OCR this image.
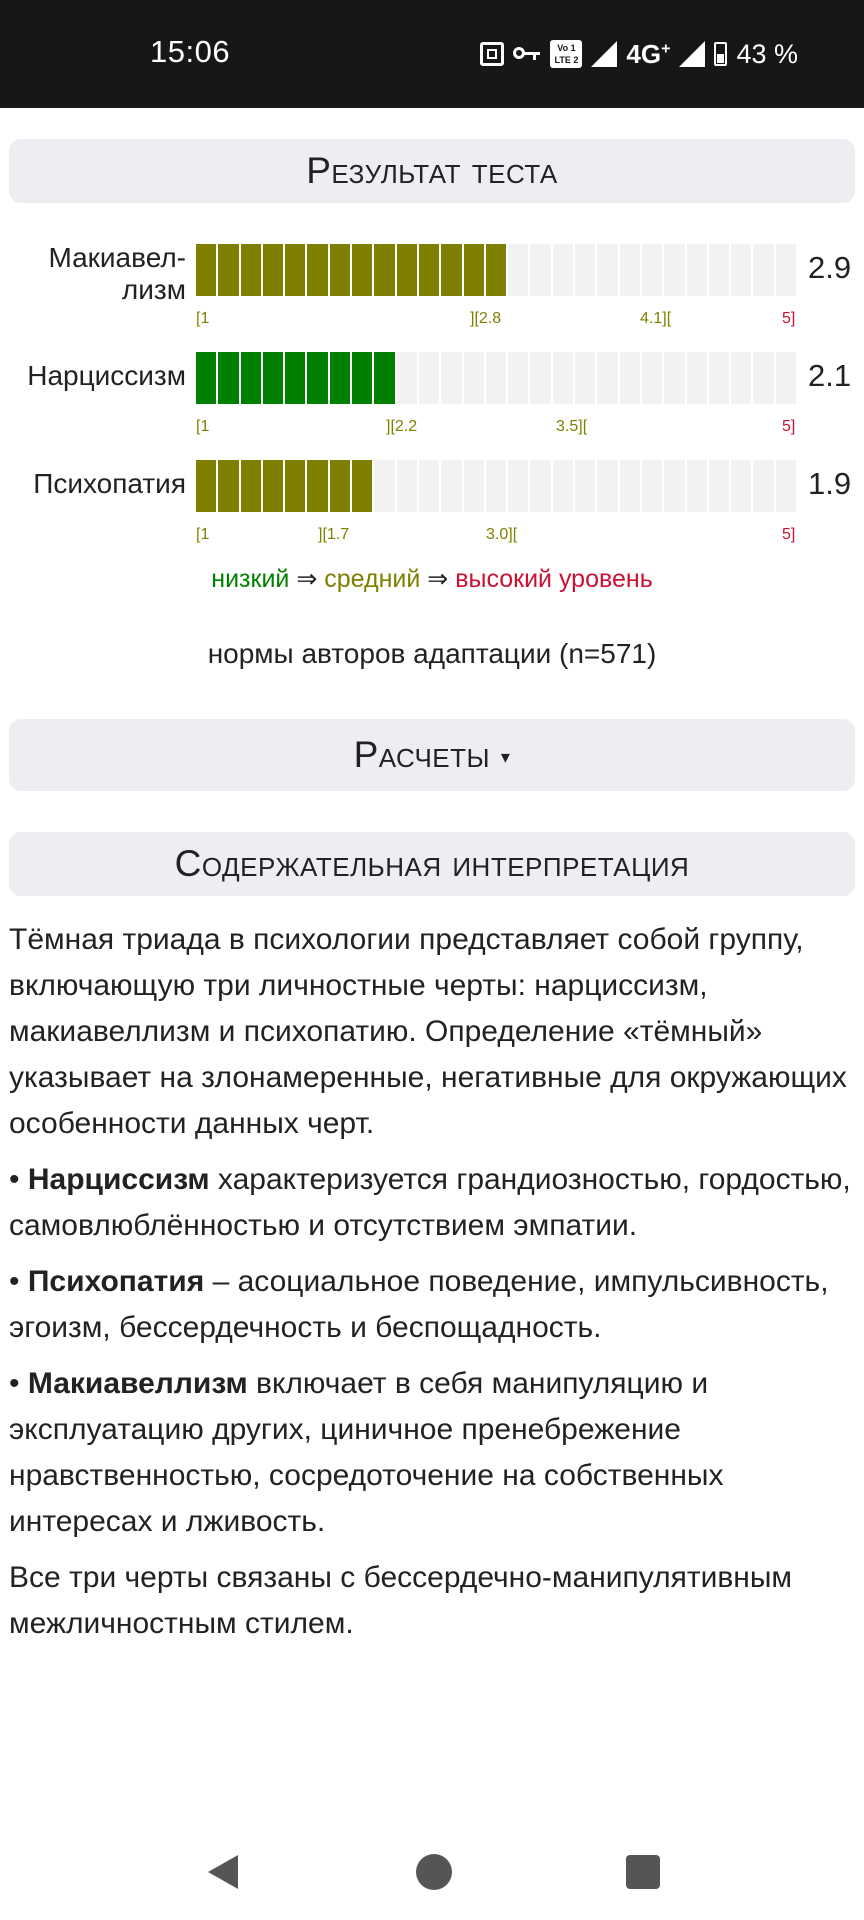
15:06	Vo 1
LTE 2 4G+ 43 %
Результат теста
Макиавел-
лизм
2.9
[1	][2.8	4.1][	5]
Нарциссизм	2.1
[1	][2.2	3.5][	5]
Психопатия	1.9
[1	][1.7	3.0][	5]
низкий ⇒ средний ⇒ высокий уровень
нормы авторов адаптации (n=571)
Расчеты ▾
Содержательная интерпретация

Тёмная триада в психологии представляет собой группу, включающую три личностные черты: нарциссизм, макиавеллизм и психопатию. Определение «тёмный» указывает на злонамеренные, негативные для окружающих особенности данных черт.

• Нарциссизм характеризуется грандиозностью, гордостью, самовлюблённостью и отсутствием эмпатии.

• Психопатия – асоциальное поведение, импульсивность, эгоизм, бессердечность и беспощадность.

• Макиавеллизм включает в себя манипуляцию и эксплуатацию других, циничное пренебрежение нравственностью, сосредоточение на собственных интересах и лживость.

Все три черты связаны с бессердечно-манипулятивным межличностным стилем.
